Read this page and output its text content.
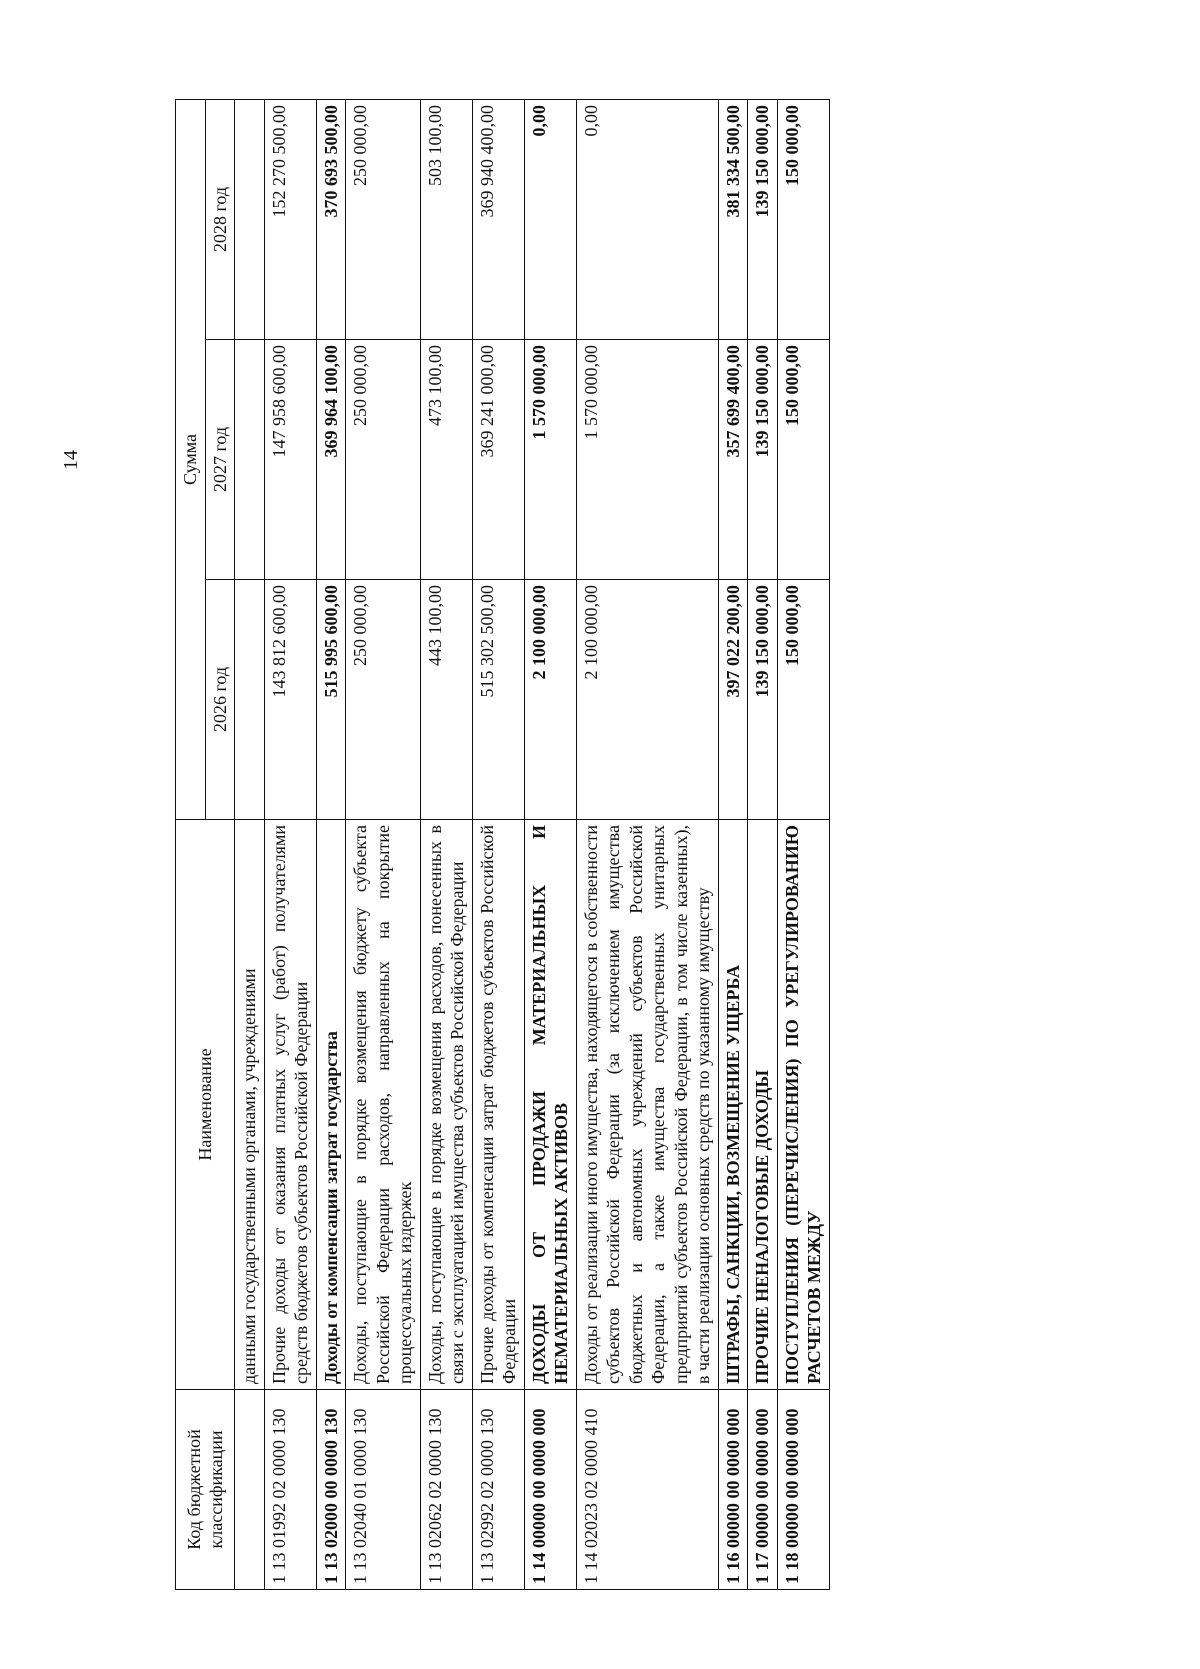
14
Код бюджетной классификации	Наименование	Сумма		
		2026 год	2027 год	2028 год
	данными государственными органами, учреждениями			
1 13 01992 02 0000 130	Прочие доходы от оказания платных услуг (работ) получателями средств бюджетов субъектов Российской Федерации	143 812 600,00	147 958 600,00	152 270 500,00
1 13 02000 00 0000 130	Доходы от компенсации затрат государства	515 995 600,00	369 964 100,00	370 693 500,00
1 13 02040 01 0000 130	Доходы, поступающие в порядке возмещения бюджету субъекта Российской Федерации расходов, направленных на покрытие процессуальных издержек	250 000,00	250 000,00	250 000,00
1 13 02062 02 0000 130	Доходы, поступающие в порядке возмещения расходов, понесенных в связи с эксплуатацией имущества субъектов Российской Федерации	443 100,00	473 100,00	503 100,00
1 13 02992 02 0000 130	Прочие доходы от компенсации затрат бюджетов субъектов Российской Федерации	515 302 500,00	369 241 000,00	369 940 400,00
1 14 00000 00 0000 000	ДОХОДЫ ОТ ПРОДАЖИ МАТЕРИАЛЬНЫХ И НЕМАТЕРИАЛЬНЫХ АКТИВОВ	2 100 000,00	1 570 000,00	0,00
1 14 02023 02 0000 410	Доходы от реализации иного имущества, находящегося в собственности субъектов Российской Федерации (за исключением имущества бюджетных и автономных учреждений субъектов Российской Федерации, а также имущества государственных унитарных предприятий субъектов Российской Федерации, в том числе казенных), в части реализации основных средств по указанному имуществу	2 100 000,00	1 570 000,00	0,00
1 16 00000 00 0000 000	ШТРАФЫ, САНКЦИИ, ВОЗМЕЩЕНИЕ УЩЕРБА	397 022 200,00	357 699 400,00	381 334 500,00
1 17 00000 00 0000 000	ПРОЧИЕ НЕНАЛОГОВЫЕ ДОХОДЫ	139 150 000,00	139 150 000,00	139 150 000,00
1 18 00000 00 0000 000	ПОСТУПЛЕНИЯ (ПЕРЕЧИСЛЕНИЯ) ПО УРЕГУЛИРОВАНИЮ РАСЧЕТОВ МЕЖДУ	150 000,00	150 000,00	150 000,00
